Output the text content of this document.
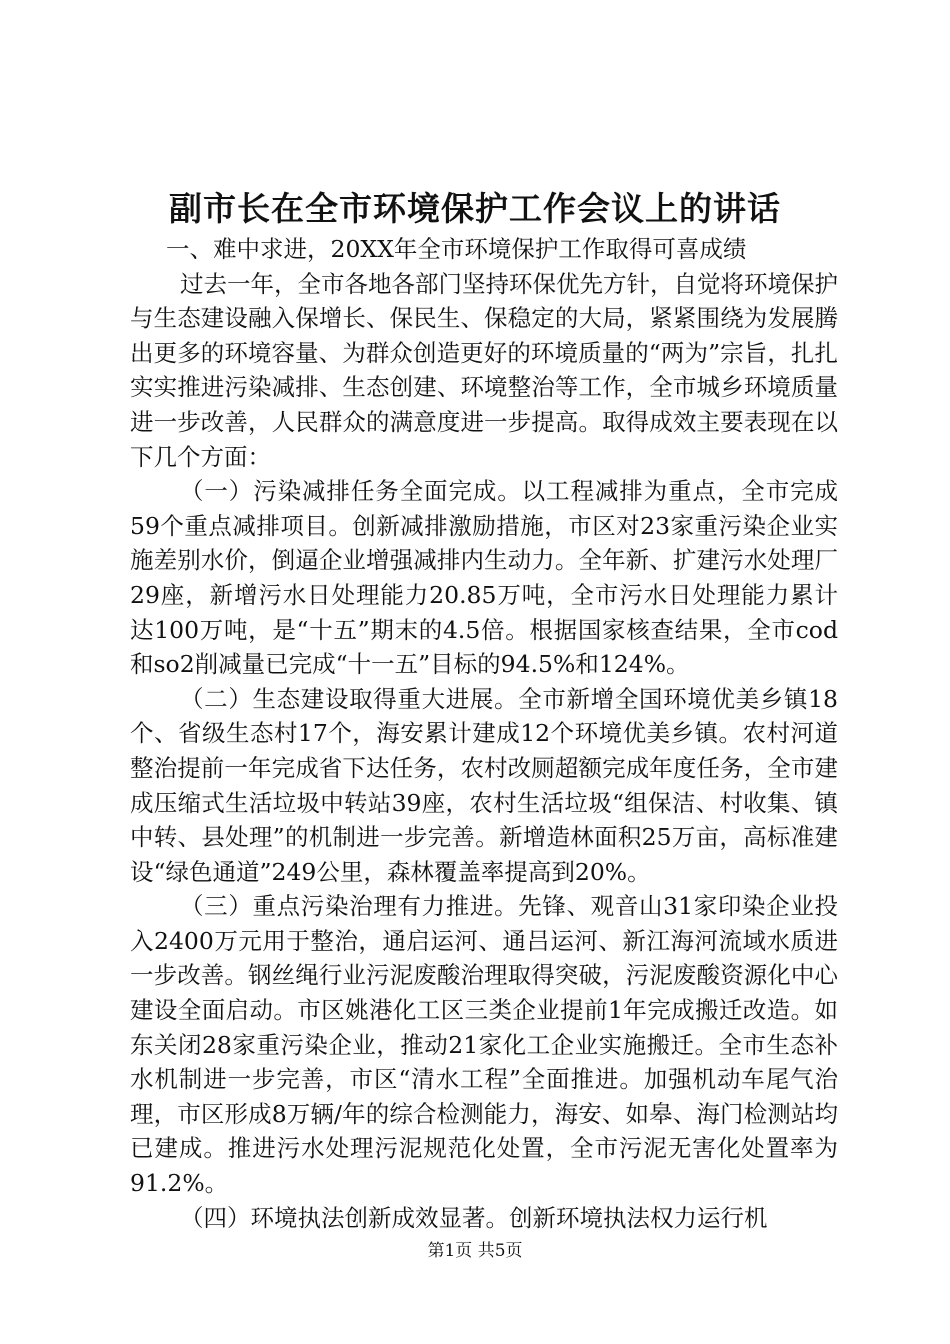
副市长在全市环境保护工作会议上的讲话

一、难中求进，20XX年全市环境保护工作取得可喜成绩

过去一年，全市各地各部门坚持环保优先方针，自觉将环境保护与生态建设融入保增长、保民生、保稳定的大局，紧紧围绕为发展腾出更多的环境容量、为群众创造更好的环境质量的“两为”宗旨，扎扎实实推进污染减排、生态创建、环境整治等工作，全市城乡环境质量进一步改善，人民群众的满意度进一步提高。取得成效主要表现在以下几个方面：

（一）污染减排任务全面完成。以工程减排为重点，全市完成59个重点减排项目。创新减排激励措施，市区对23家重污染企业实施差别水价，倒逼企业增强减排内生动力。全年新、扩建污水处理厂29座，新增污水日处理能力20.85万吨，全市污水日处理能力累计达100万吨，是“十五”期末的4.5倍。根据国家核查结果，全市cod和so2削减量已完成“十一五”目标的94.5%和124%。

（二）生态建设取得重大进展。全市新增全国环境优美乡镇18个、省级生态村17个，海安累计建成12个环境优美乡镇。农村河道整治提前一年完成省下达任务，农村改厕超额完成年度任务，全市建成压缩式生活垃圾中转站39座，农村生活垃圾“组保洁、村收集、镇中转、县处理”的机制进一步完善。新增造林面积25万亩，高标准建设“绿色通道”249公里，森林覆盖率提高到20%。

（三）重点污染治理有力推进。先锋、观音山31家印染企业投入2400万元用于整治，通启运河、通吕运河、新江海河流域水质进一步改善。钢丝绳行业污泥废酸治理取得突破，污泥废酸资源化中心建设全面启动。市区姚港化工区三类企业提前1年完成搬迁改造。如东关闭28家重污染企业，推动21家化工企业实施搬迁。全市生态补水机制进一步完善，市区“清水工程”全面推进。加强机动车尾气治理，市区形成8万辆/年的综合检测能力，海安、如皋、海门检测站均已建成。推进污水处理污泥规范化处置，全市污泥无害化处置率为91.2%。

（四）环境执法创新成效显著。创新环境执法权力运行机

第1页 共5页
